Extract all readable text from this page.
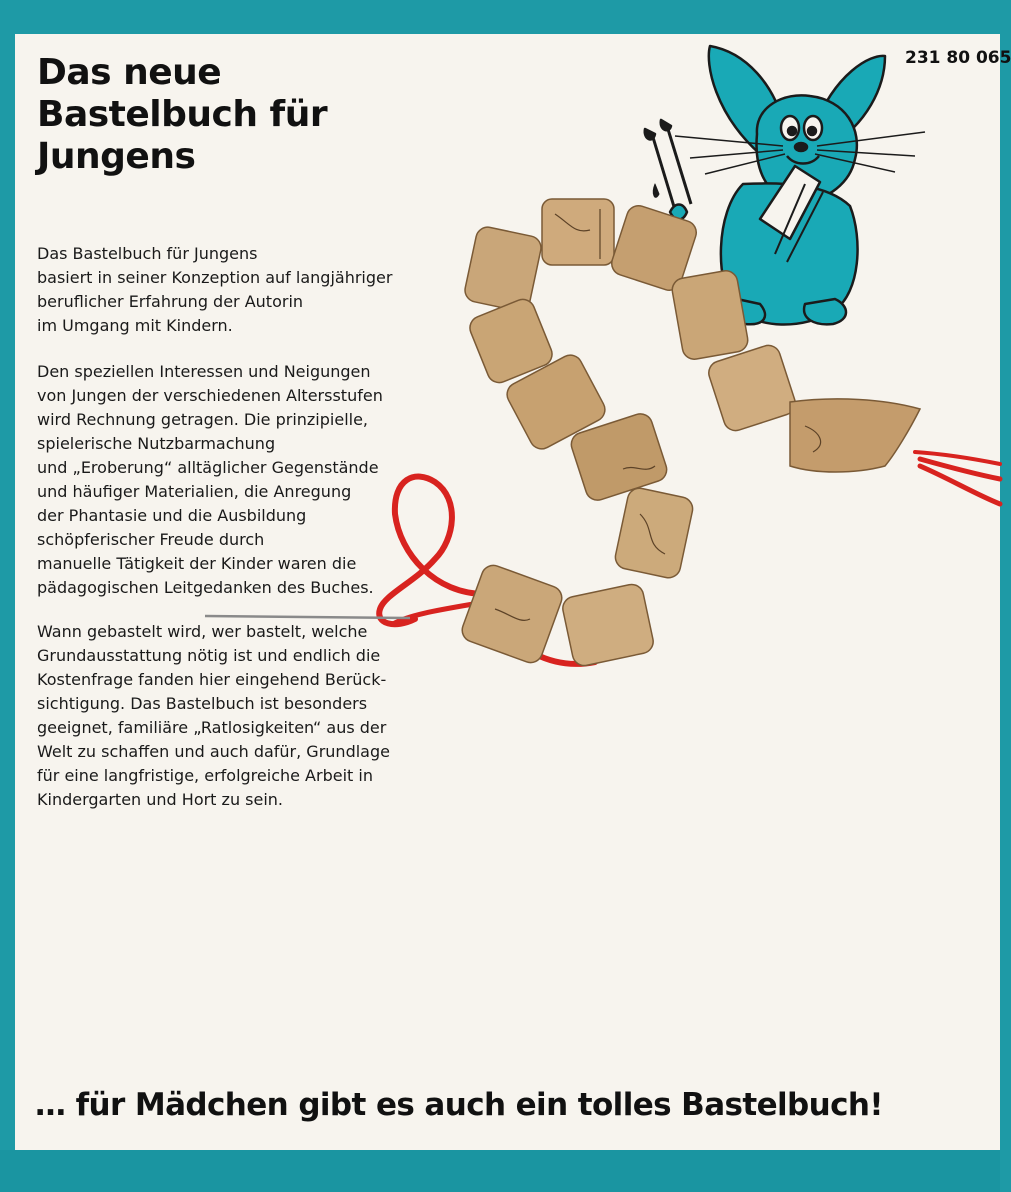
231 80 065
Das neue
Bastelbuch für
Jungens
Das Bastelbuch für Jungens
basiert in seiner Konzeption auf langjähriger
beruflicher Erfahrung der Autorin
im Umgang mit Kindern.
Den speziellen Interessen und Neigungen
von Jungen der verschiedenen Altersstufen
wird Rechnung getragen. Die prinzipielle,
spielerische Nutzbarmachung
und „Eroberung“ alltäglicher Gegenstände
und häufiger Materialien, die Anregung
der Phantasie und die Ausbildung
schöpferischer Freude durch
manuelle Tätigkeit der Kinder waren die
pädagogischen Leitgedanken des Buches.
Wann gebastelt wird, wer bastelt, welche
Grundausstattung nötig ist und endlich die
Kostenfrage fanden hier eingehend Berück-
sichtigung. Das Bastelbuch ist besonders
geeignet, familiäre „Ratlosigkeiten“ aus der
Welt zu schaffen und auch dafür, Grundlage
für eine langfristige, erfolgreiche Arbeit in
Kindergarten und Hort zu sein.
… für Mädchen gibt es auch ein tolles Bastelbuch!
